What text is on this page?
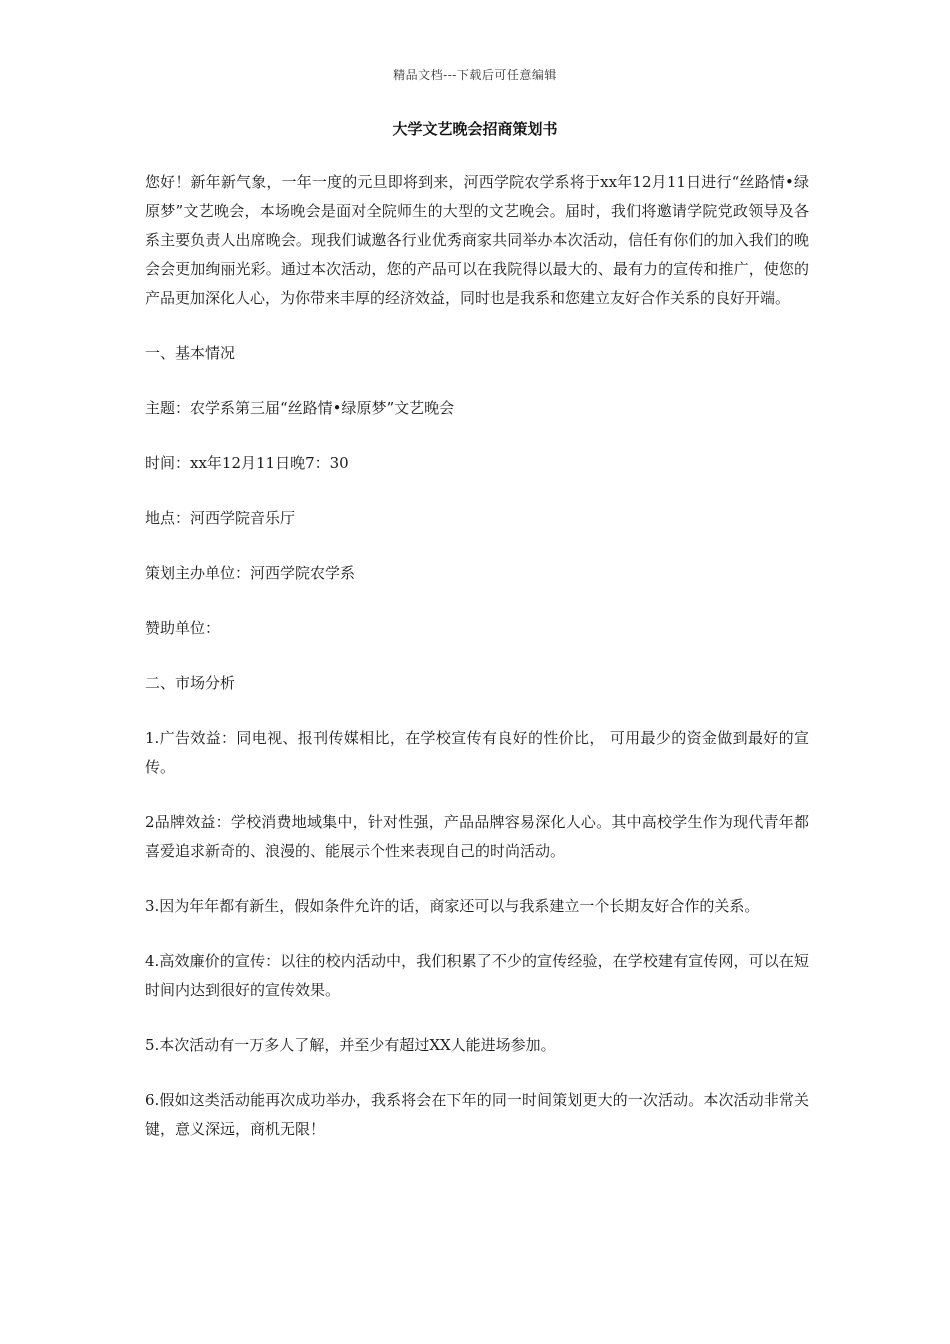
精品文档---下载后可任意编辑
大学文艺晚会招商策划书

您好！新年新气象，一年一度的元旦即将到来，河西学院农学系将于xx年12月11日进行“丝路情•绿原梦”文艺晚会，本场晚会是面对全院师生的大型的文艺晚会。届时，我们将邀请学院党政领导及各系主要负责人出席晚会。现我们诚邀各行业优秀商家共同举办本次活动，信任有你们的加入我们的晚会会更加绚丽光彩。通过本次活动，您的产品可以在我院得以最大的、最有力的宣传和推广，使您的产品更加深化人心，为你带来丰厚的经济效益，同时也是我系和您建立友好合作关系的良好开端。

一、基本情况

主题：农学系第三届“丝路情•绿原梦”文艺晚会

时间：xx年12月11日晚7：30

地点：河西学院音乐厅

策划主办单位：河西学院农学系

赞助单位：

二、市场分析

1.广告效益：同电视、报刊传媒相比，在学校宣传有良好的性价比， 可用最少的资金做到最好的宣传。

2品牌效益：学校消费地域集中，针对性强，产品品牌容易深化人心。其中高校学生作为现代青年都喜爱追求新奇的、浪漫的、能展示个性来表现自己的时尚活动。

3.因为年年都有新生，假如条件允许的话，商家还可以与我系建立一个长期友好合作的关系。

4.高效廉价的宣传：以往的校内活动中，我们积累了不少的宣传经验，在学校建有宣传网，可以在短时间内达到很好的宣传效果。

5.本次活动有一万多人了解，并至少有超过XX人能进场参加。

6.假如这类活动能再次成功举办，我系将会在下年的同一时间策划更大的一次活动。本次活动非常关键，意义深远，商机无限！
